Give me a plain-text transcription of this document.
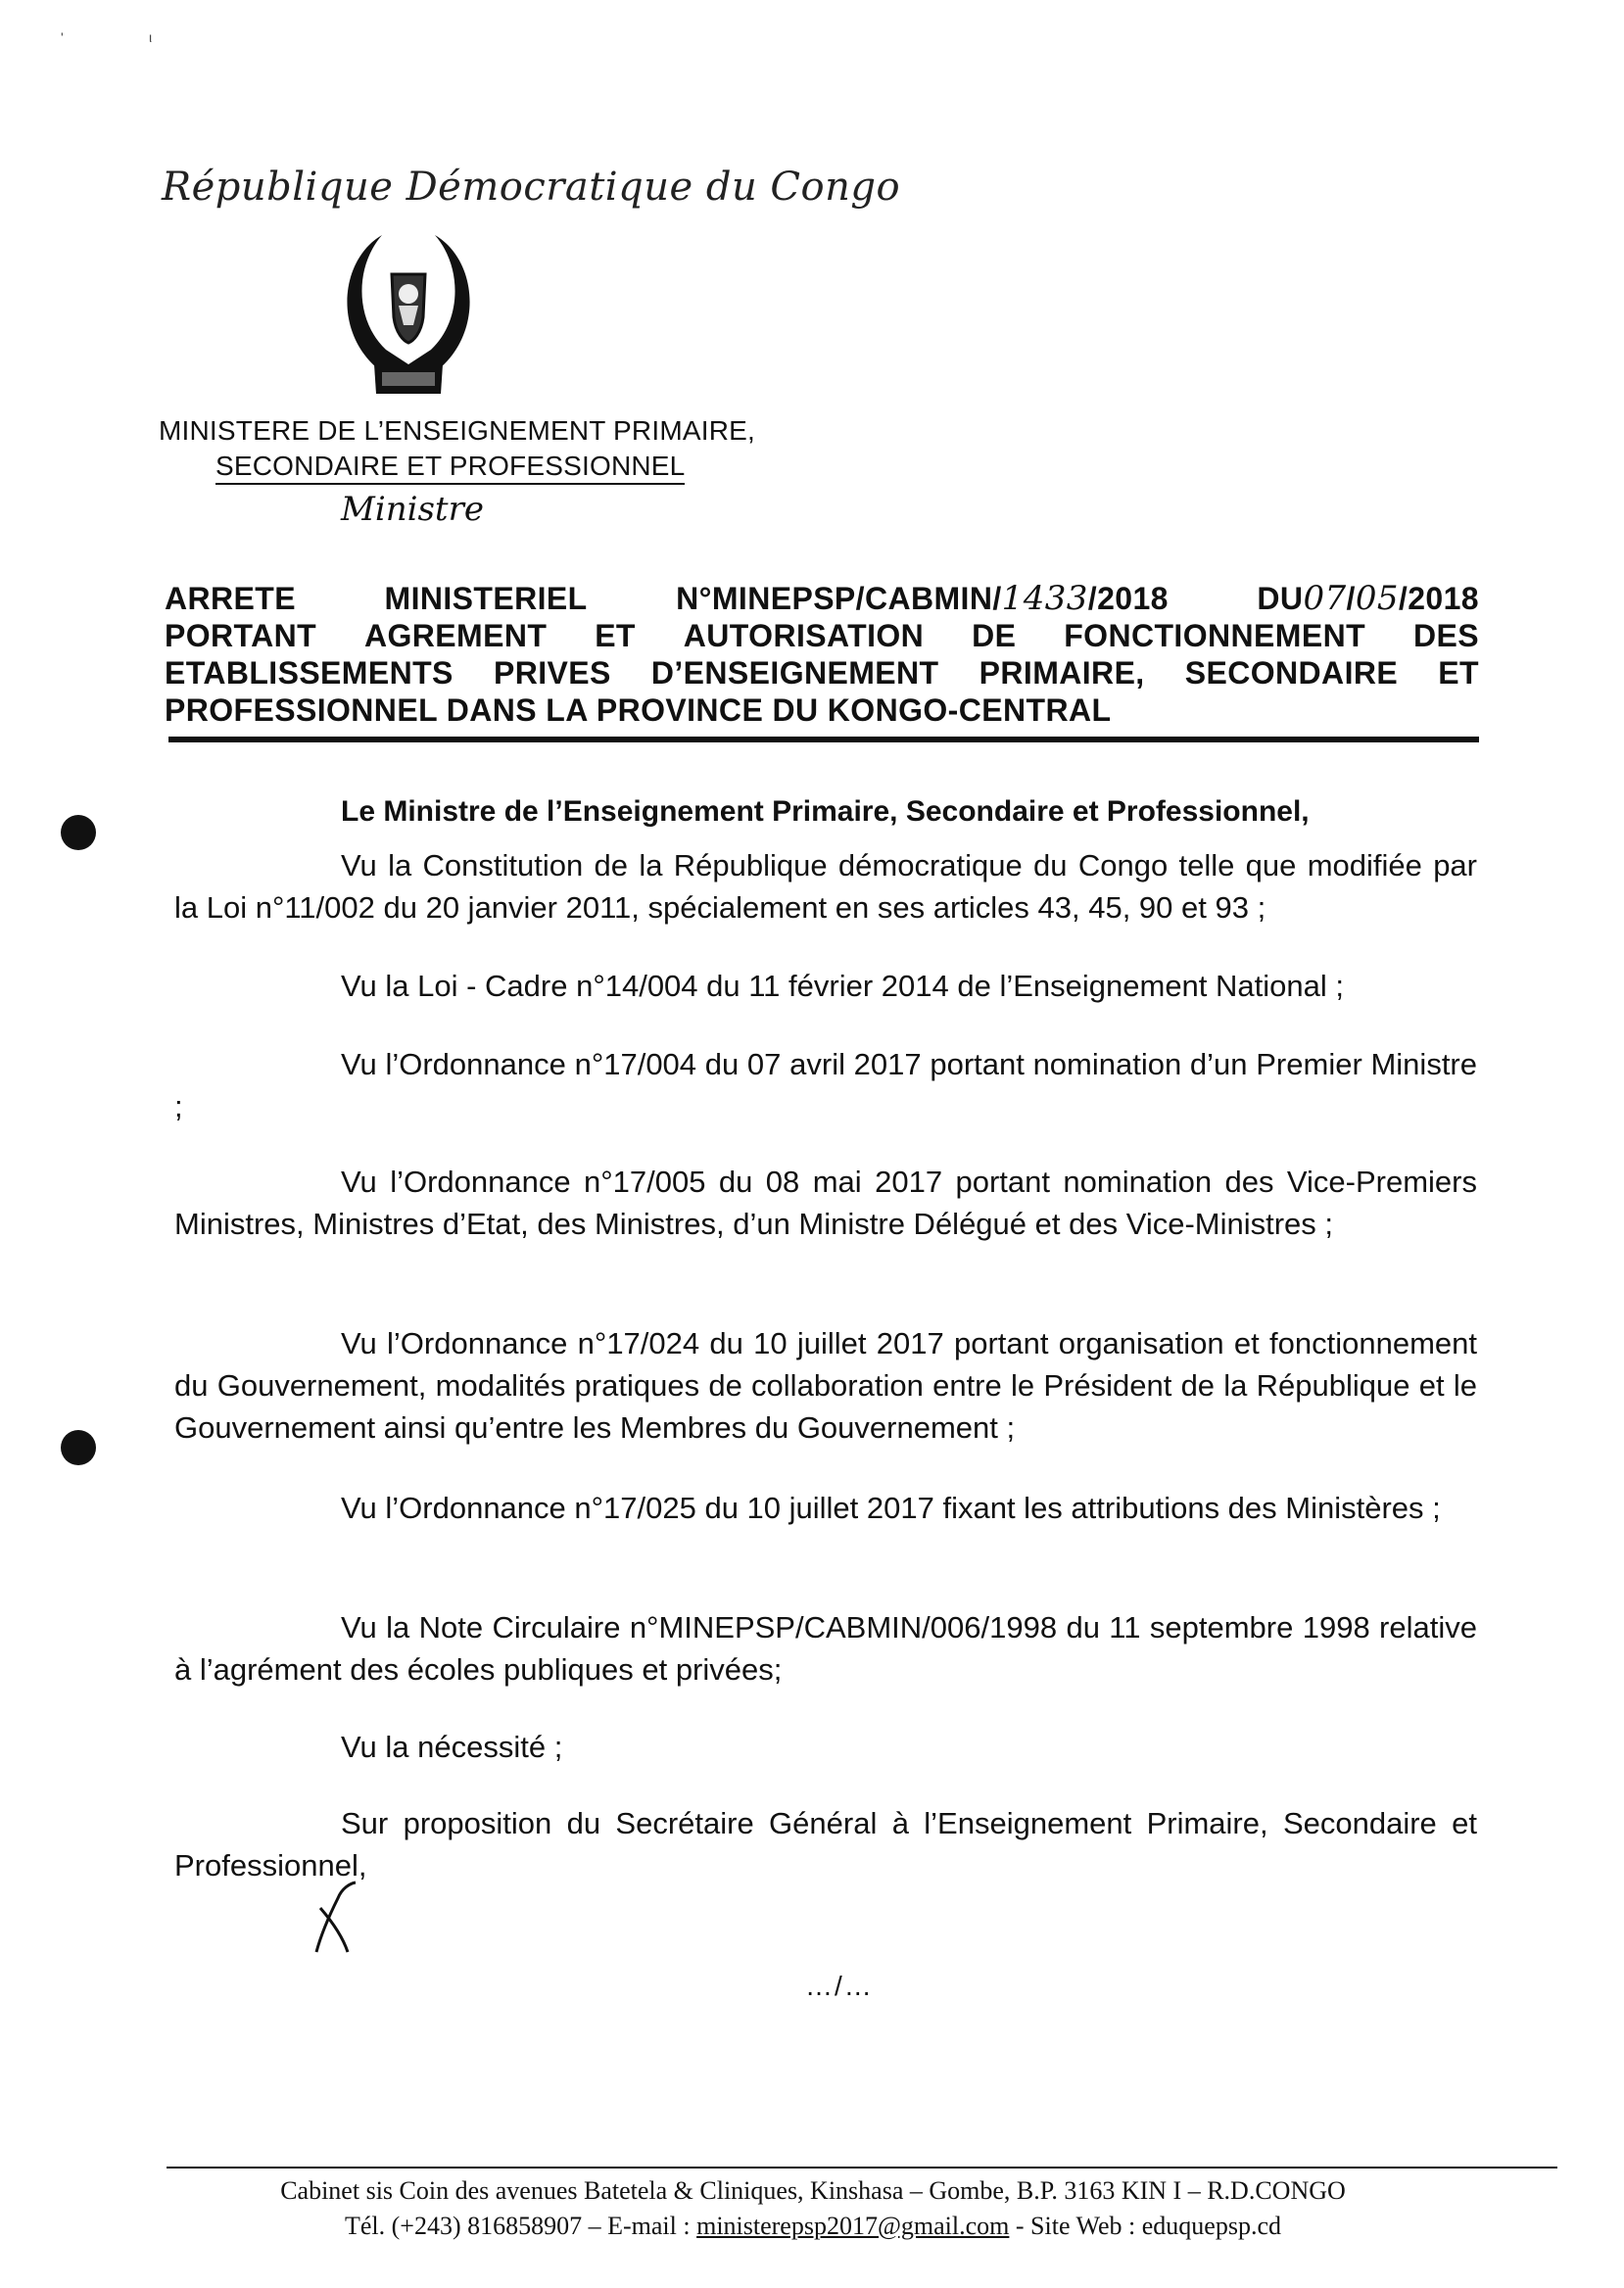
'	ι
République Démocratique du Congo
MINISTERE DE L’ENSEIGNEMENT PRIMAIRE,
SECONDAIRE ET PROFESSIONNEL
Ministre
ARRETE	MINISTERIEL	N°MINEPSP/CABMIN/1433/2018	DU07/05/2018
PORTANT AGREMENT ET AUTORISATION DE FONCTIONNEMENT DES
ETABLISSEMENTS PRIVES D’ENSEIGNEMENT PRIMAIRE, SECONDAIRE ET
PROFESSIONNEL DANS LA PROVINCE DU KONGO-CENTRAL
Le Ministre de l’Enseignement Primaire, Secondaire et Professionnel,

Vu la Constitution de la République démocratique du Congo telle que modifiée par la Loi n°11/002 du 20 janvier 2011, spécialement en ses articles 43, 45, 90 et 93 ;

Vu la Loi - Cadre n°14/004 du 11 février 2014 de l’Enseignement National ;

Vu l’Ordonnance n°17/004 du 07 avril 2017 portant nomination d’un Premier Ministre ;

Vu l’Ordonnance n°17/005 du 08 mai 2017 portant nomination des Vice-Premiers Ministres, Ministres d’Etat, des Ministres, d’un Ministre Délégué et des Vice-Ministres ;

Vu l’Ordonnance n°17/024 du 10 juillet 2017 portant organisation et fonctionnement du Gouvernement, modalités pratiques de collaboration entre le Président de la République et le Gouvernement ainsi qu’entre les Membres du Gouvernement ;

Vu l’Ordonnance n°17/025 du 10 juillet 2017 fixant les attributions des Ministères ;

Vu la Note Circulaire n°MINEPSP/CABMIN/006/1998 du 11 septembre 1998 relative à l’agrément des écoles publiques et privées;

Vu la nécessité ;

Sur proposition du Secrétaire Général à l’Enseignement Primaire, Secondaire et Professionnel,

…/…
Cabinet sis Coin des avenues Batetela & Cliniques, Kinshasa – Gombe, B.P. 3163 KIN I – R.D.CONGO
Tél. (+243) 816858907 – E-mail : ministerepsp2017@gmail.com - Site Web : eduquepsp.cd
